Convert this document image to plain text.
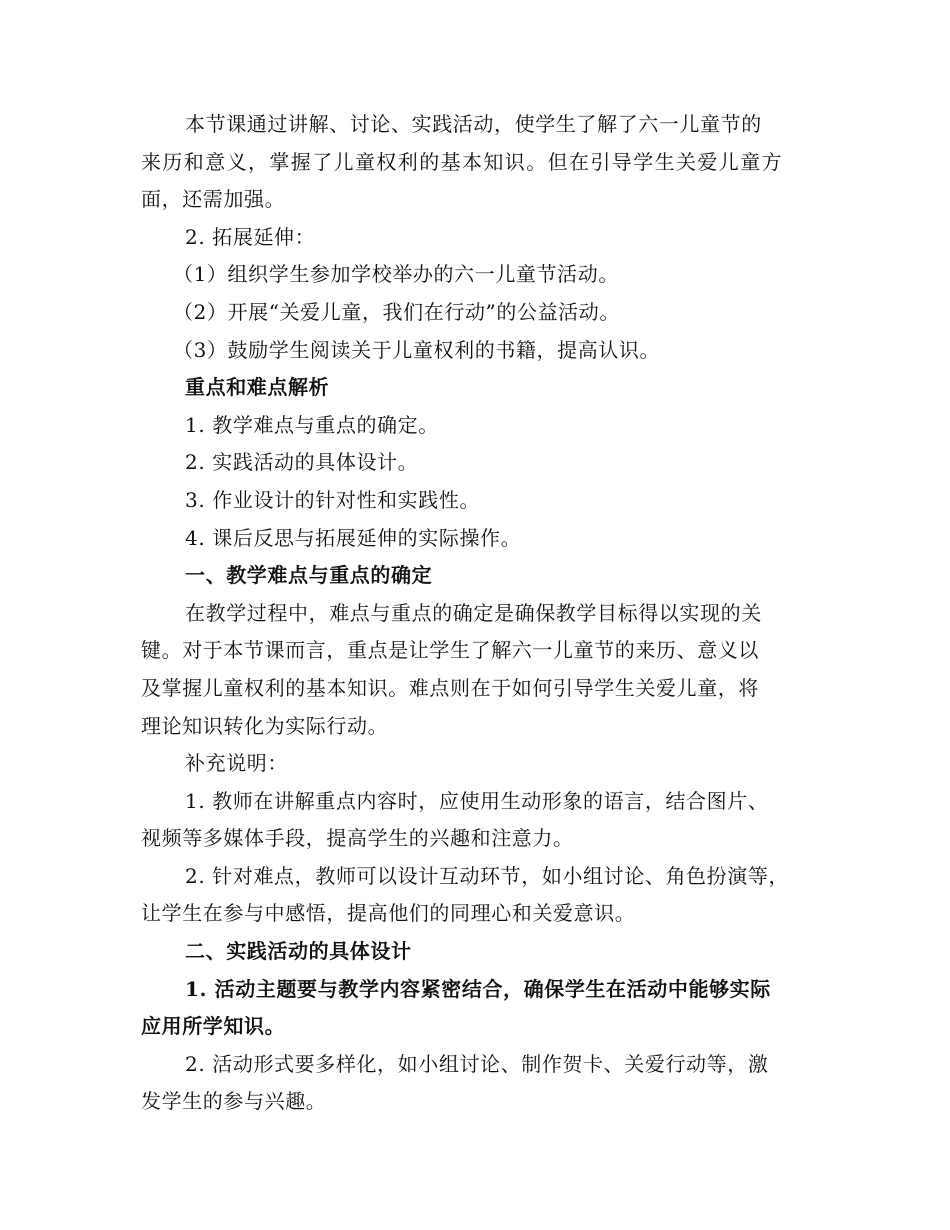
本节课通过讲解、讨论、实践活动，使学生了解了六一儿童节的
来历和意义，掌握了儿童权利的基本知识。但在引导学生关爱儿童方
面，还需加强。
2. 拓展延伸：
（1）组织学生参加学校举办的六一儿童节活动。
（2）开展“关爱儿童，我们在行动”的公益活动。
（3）鼓励学生阅读关于儿童权利的书籍，提高认识。
重点和难点解析
1. 教学难点与重点的确定。
2. 实践活动的具体设计。
3. 作业设计的针对性和实践性。
4. 课后反思与拓展延伸的实际操作。
一、教学难点与重点的确定
在教学过程中，难点与重点的确定是确保教学目标得以实现的关
键。对于本节课而言，重点是让学生了解六一儿童节的来历、意义以
及掌握儿童权利的基本知识。难点则在于如何引导学生关爱儿童，将
理论知识转化为实际行动。
补充说明：
1. 教师在讲解重点内容时，应使用生动形象的语言，结合图片、
视频等多媒体手段，提高学生的兴趣和注意力。
2. 针对难点，教师可以设计互动环节，如小组讨论、角色扮演等，
让学生在参与中感悟，提高他们的同理心和关爱意识。
二、实践活动的具体设计
1. 活动主题要与教学内容紧密结合，确保学生在活动中能够实际
应用所学知识。
2. 活动形式要多样化，如小组讨论、制作贺卡、关爱行动等，激
发学生的参与兴趣。
